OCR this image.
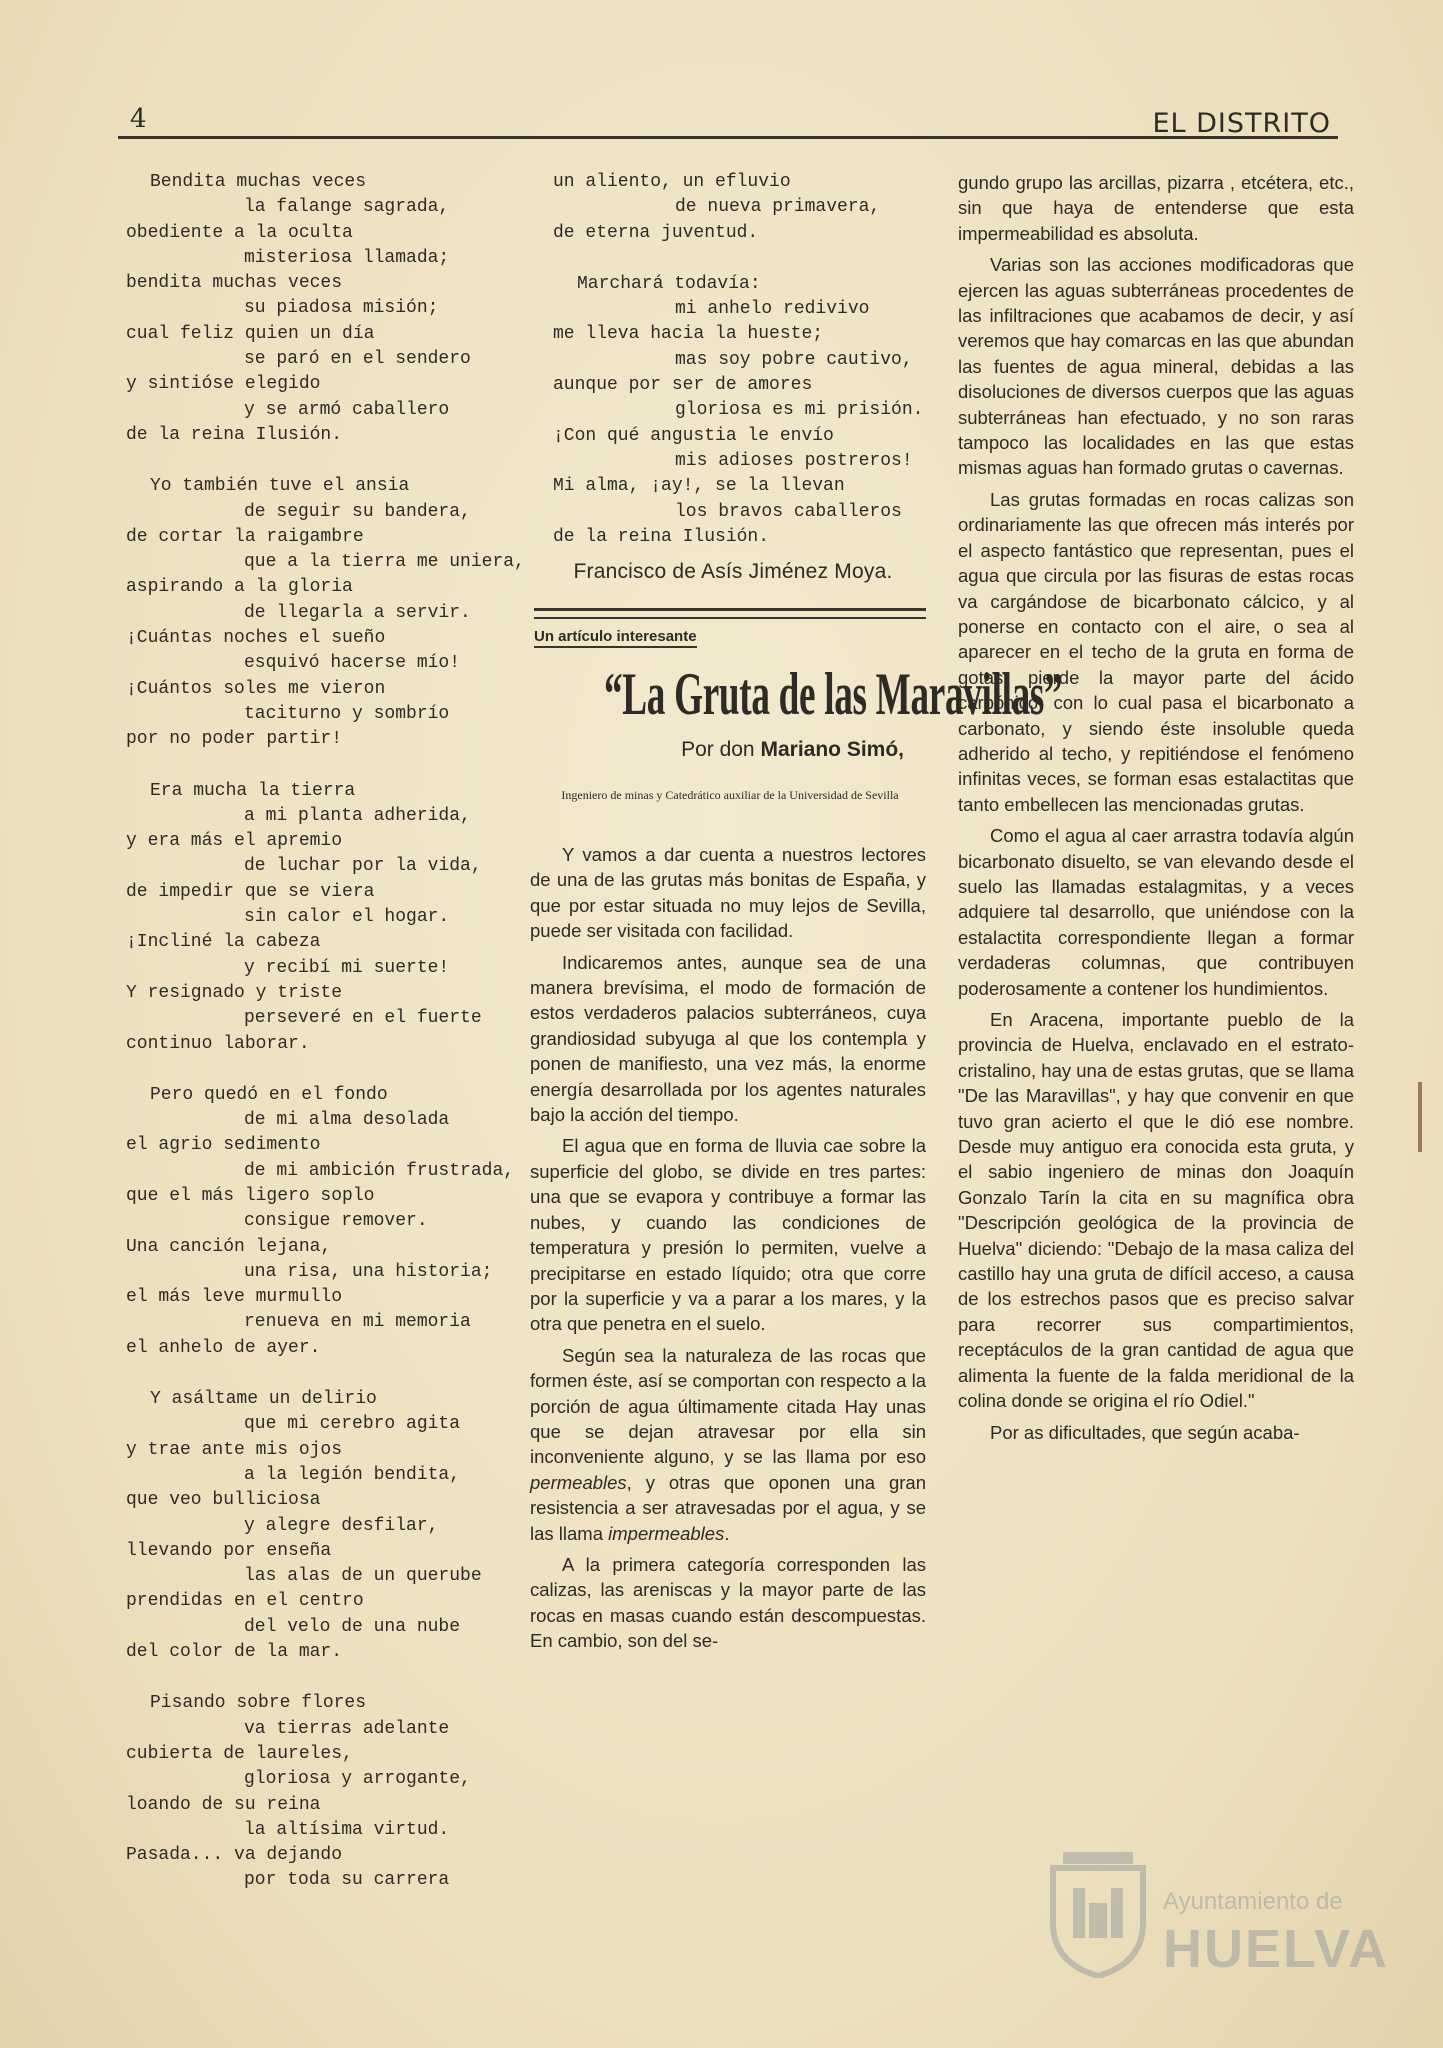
4	EL DISTRITO
Bendita muchas veces
la falange sagrada,
obediente a la oculta
misteriosa llamada;
bendita muchas veces
su piadosa misión;
cual feliz quien un día
se paró en el sendero
y sintióse elegido
y se armó caballero
de la reina Ilusión.
Yo también tuve el ansia
de seguir su bandera,
de cortar la raigambre
que a la tierra me uniera,
aspirando a la gloria
de llegarla a servir.
¡Cuántas noches el sueño
esquivó hacerse mío!
¡Cuántos soles me vieron
taciturno y sombrío
por no poder partir!
Era mucha la tierra
a mi planta adherida,
y era más el apremio
de luchar por la vida,
de impedir que se viera
sin calor el hogar.
¡Incliné la cabeza
y recibí mi suerte!
Y resignado y triste
perseveré en el fuerte
continuo laborar.
Pero quedó en el fondo
de mi alma desolada
el agrio sedimento
de mi ambición frustrada,
que el más ligero soplo
consigue remover.
Una canción lejana,
una risa, una historia;
el más leve murmullo
renueva en mi memoria
el anhelo de ayer.
Y asáltame un delirio
que mi cerebro agita
y trae ante mis ojos
a la legión bendita,
que veo bulliciosa
y alegre desfilar,
llevando por enseña
las alas de un querube
prendidas en el centro
del velo de una nube
del color de la mar.
Pisando sobre flores
va tierras adelante
cubierta de laureles,
gloriosa y arrogante,
loando de su reina
la altísima virtud.
Pasada... va dejando
por toda su carrera
un aliento, un efluvio
de nueva primavera,
de eterna juventud.
Marchará todavía:
mi anhelo redivivo
me lleva hacia la hueste;
mas soy pobre cautivo,
aunque por ser de amores
gloriosa es mi prisión.
¡Con qué angustia le envío
mis adioses postreros!
Mi alma, ¡ay!, se la llevan
los bravos caballeros
de la reina Ilusión.
Francisco de Asís Jiménez Moya.
Un artículo interesante
“La Gruta de las Maravillas”
Por don Mariano Simó,
Ingeniero de minas y Catedrático auxiliar de la Universidad de Sevilla

Y vamos a dar cuenta a nuestros lectores de una de las grutas más bonitas de España, y que por estar situada no muy lejos de Sevilla, puede ser visitada con facilidad.

Indicaremos antes, aunque sea de una manera brevísima, el modo de formación de estos verdaderos palacios subterráneos, cuya grandiosidad subyuga al que los contempla y ponen de manifiesto, una vez más, la enorme energía desarrollada por los agentes naturales bajo la acción del tiempo.

El agua que en forma de lluvia cae sobre la superficie del globo, se divide en tres partes: una que se evapora y contribuye a formar las nubes, y cuando las condiciones de temperatura y presión lo permiten, vuelve a precipitarse en estado líquido; otra que corre por la superficie y va a parar a los mares, y la otra que penetra en el suelo.

Según sea la naturaleza de las rocas que formen éste, así se comportan con respecto a la porción de agua últimamente citada Hay unas que se dejan atravesar por ella sin inconveniente alguno, y se las llama por eso permeables, y otras que oponen una gran resistencia a ser atravesadas por el agua, y se las llama impermeables.

A la primera categoría corresponden las calizas, las areniscas y la mayor parte de las rocas en masas cuando están descompuestas. En cambio, son del se-

gundo grupo las arcillas, pizarra , etcétera, etc., sin que haya de entenderse que esta impermeabilidad es absoluta.

Varias son las acciones modificadoras que ejercen las aguas subterráneas procedentes de las infiltraciones que acabamos de decir, y así veremos que hay comarcas en las que abundan las fuentes de agua mineral, debidas a las disoluciones de diversos cuerpos que las aguas subterráneas han efectuado, y no son raras tampoco las localidades en las que estas mismas aguas han formado grutas o cavernas.

Las grutas formadas en rocas calizas son ordinariamente las que ofrecen más interés por el aspecto fantástico que representan, pues el agua que circula por las fisuras de estas rocas va cargándose de bicarbonato cálcico, y al ponerse en contacto con el aire, o sea al aparecer en el techo de la gruta en forma de gotas, pierde la mayor parte del ácido carbónico, con lo cual pasa el bicarbonato a carbonato, y siendo éste insoluble queda adherido al techo, y repitiéndose el fenómeno infinitas veces, se forman esas estalactitas que tanto embellecen las mencionadas grutas.

Como el agua al caer arrastra todavía algún bicarbonato disuelto, se van elevando desde el suelo las llamadas estalagmitas, y a veces adquiere tal desarrollo, que uniéndose con la estalactita correspondiente llegan a formar verdaderas columnas, que contribuyen poderosamente a contener los hundimientos.

En Aracena, importante pueblo de la provincia de Huelva, enclavado en el estrato-cristalino, hay una de estas grutas, que se llama "De las Maravillas", y hay que convenir en que tuvo gran acierto el que le dió ese nombre. Desde muy antiguo era conocida esta gruta, y el sabio ingeniero de minas don Joaquín Gonzalo Tarín la cita en su magnífica obra "Descripción geológica de la provincia de Huelva" diciendo: "Debajo de la masa caliza del castillo hay una gruta de difícil acceso, a causa de los estrechos pasos que es preciso salvar para recorrer sus compartimientos, receptáculos de la gran cantidad de agua que alimenta la fuente de la falda meridional de la colina donde se origina el río Odiel."

Por as dificultades, que según acaba-

Ayuntamiento de
HUELVA
